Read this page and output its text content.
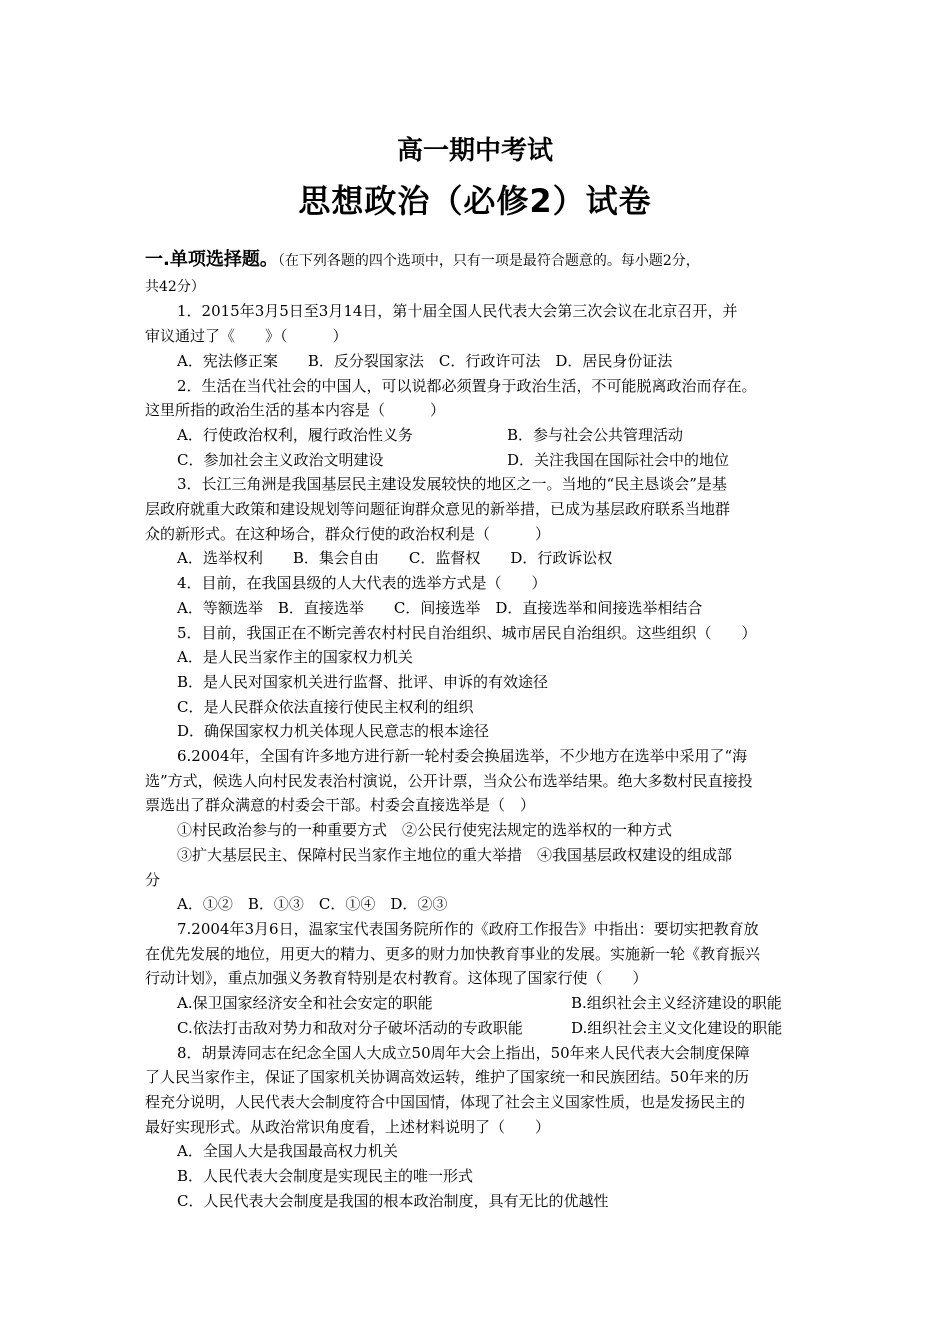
高一期中考试
思想政治（必修2）试卷
一.单项选择题。（在下列各题的四个选项中，只有一项是最符合题意的。每小题2分，
共42分）
1．2015年3月5日至3月14日，第十届全国人民代表大会第三次会议在北京召开，并
审议通过了《　　》（　　　）
A．宪法修正案　　B．反分裂国家法　C．行政许可法　D．居民身份证法
2．生活在当代社会的中国人，可以说都必须置身于政治生活，不可能脱离政治而存在。
这里所指的政治生活的基本内容是（　　　）
A．行使政治权利，履行政治性义务	B．参与社会公共管理活动
C．参加社会主义政治文明建设	D．关注我国在国际社会中的地位
3．长江三角洲是我国基层民主建设发展较快的地区之一。当地的“民主恳谈会”是基
层政府就重大政策和建设规划等问题征询群众意见的新举措，已成为基层政府联系当地群
众的新形式。在这种场合，群众行使的政治权利是（　　　）
A．选举权利　　B．集会自由　　C．监督权　　D．行政诉讼权
4．目前，在我国县级的人大代表的选举方式是（　　）
A．等额选举　B．直接选举　　C．间接选举　D．直接选举和间接选举相结合
5．目前，我国正在不断完善农村村民自治组织、城市居民自治组织。这些组织（　　）
A．是人民当家作主的国家权力机关
B．是人民对国家机关进行监督、批评、申诉的有效途径
C．是人民群众依法直接行使民主权利的组织
D．确保国家权力机关体现人民意志的根本途径
6.2004年，全国有许多地方进行新一轮村委会换届选举，不少地方在选举中采用了“海
选”方式，候选人向村民发表治村演说，公开计票，当众公布选举结果。绝大多数村民直接投
票选出了群众满意的村委会干部。村委会直接选举是（　）
①村民政治参与的一种重要方式　②公民行使宪法规定的选举权的一种方式
③扩大基层民主、保障村民当家作主地位的重大举措　④我国基层政权建设的组成部
分
A．①②　B．①③　C．①④　D．②③
7.2004年3月6日，温家宝代表国务院所作的《政府工作报告》中指出：要切实把教育放
在优先发展的地位，用更大的精力、更多的财力加快教育事业的发展。实施新一轮《教育振兴
行动计划》，重点加强义务教育特别是农村教育。这体现了国家行使（　　）
A.保卫国家经济安全和社会安定的职能	B.组织社会主义经济建设的职能
C.依法打击敌对势力和敌对分子破坏活动的专政职能	D.组织社会主义文化建设的职能
8．胡景涛同志在纪念全国人大成立50周年大会上指出，50年来人民代表大会制度保障
了人民当家作主，保证了国家机关协调高效运转，维护了国家统一和民族团结。50年来的历
程充分说明，人民代表大会制度符合中国国情，体现了社会主义国家性质，也是发扬民主的
最好实现形式。从政治常识角度看，上述材料说明了（　　）
A．全国人大是我国最高权力机关
B．人民代表大会制度是实现民主的唯一形式
C．人民代表大会制度是我国的根本政治制度，具有无比的优越性
